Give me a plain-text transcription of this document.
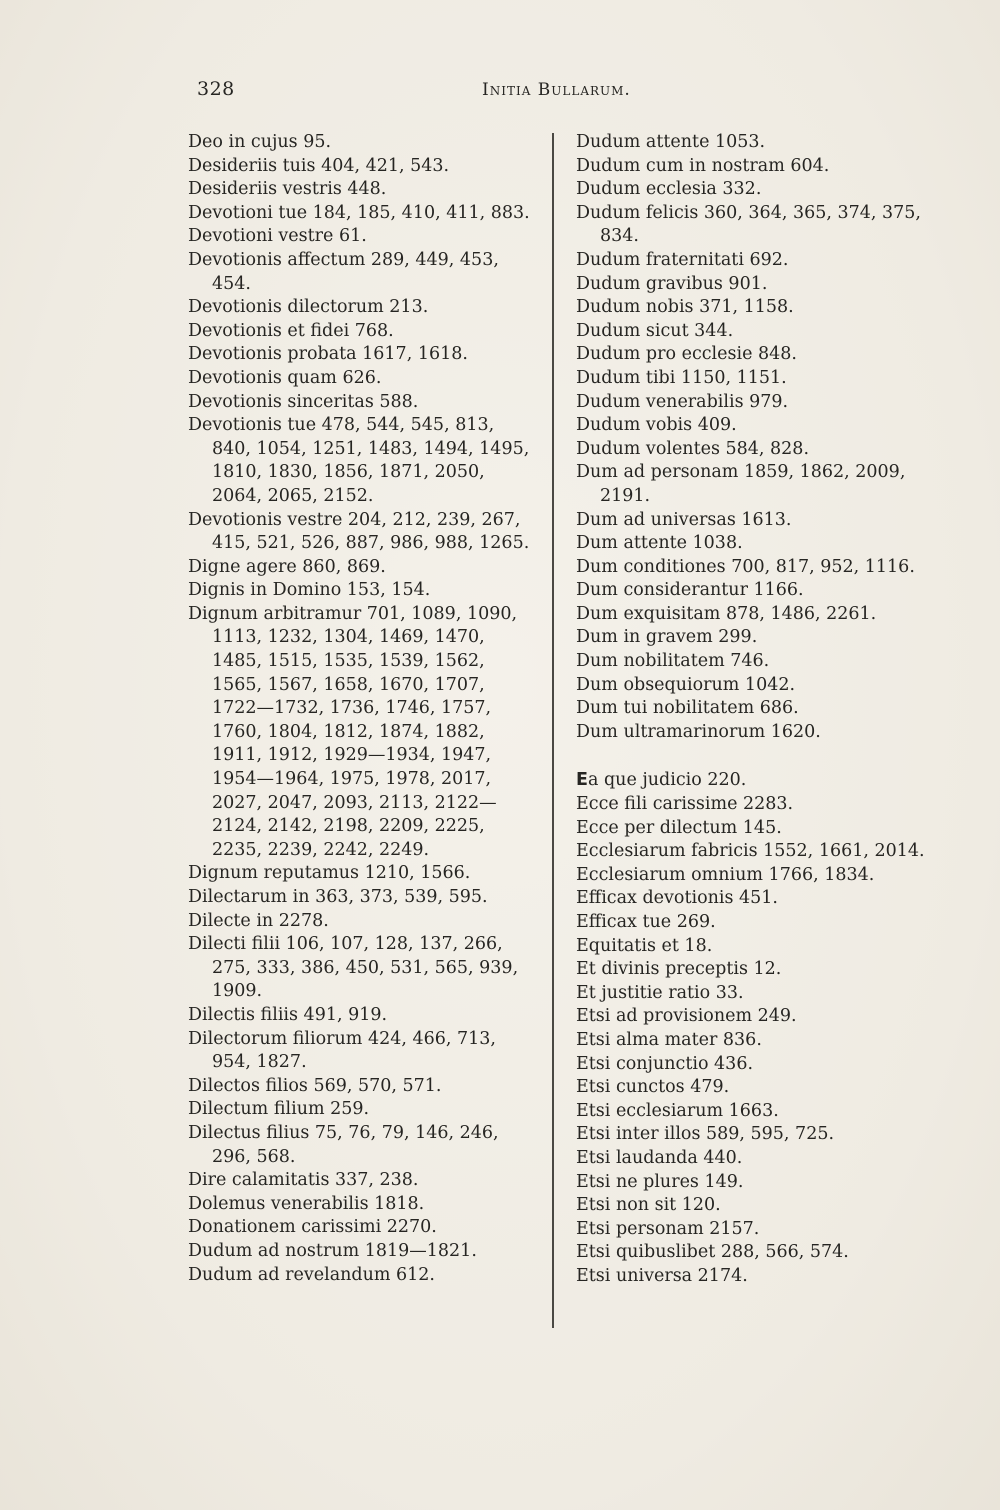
328	Initia Bullarum.
Deo in cujus 95.
Desideriis tuis 404, 421, 543.
Desideriis vestris 448.
Devotioni tue 184, 185, 410, 411, 883.
Devotioni vestre 61.
Devotionis affectum 289, 449, 453, 454.
Devotionis dilectorum 213.
Devotionis et fidei 768.
Devotionis probata 1617, 1618.
Devotionis quam 626.
Devotionis sinceritas 588.
Devotionis tue 478, 544, 545, 813, 840, 1054, 1251, 1483, 1494, 1495, 1810, 1830, 1856, 1871, 2050, 2064, 2065, 2152.
Devotionis vestre 204, 212, 239, 267, 415, 521, 526, 887, 986, 988, 1265.
Digne agere 860, 869.
Dignis in Domino 153, 154.
Dignum arbitramur 701, 1089, 1090, 1113, 1232, 1304, 1469, 1470, 1485, 1515, 1535, 1539, 1562, 1565, 1567, 1658, 1670, 1707, 1722—1732, 1736, 1746, 1757, 1760, 1804, 1812, 1874, 1882, 1911, 1912, 1929—1934, 1947, 1954—1964, 1975, 1978, 2017, 2027, 2047, 2093, 2113, 2122—2124, 2142, 2198, 2209, 2225, 2235, 2239, 2242, 2249.
Dignum reputamus 1210, 1566.
Dilectarum in 363, 373, 539, 595.
Dilecte in 2278.
Dilecti filii 106, 107, 128, 137, 266, 275, 333, 386, 450, 531, 565, 939, 1909.
Dilectis filiis 491, 919.
Dilectorum filiorum 424, 466, 713, 954, 1827.
Dilectos filios 569, 570, 571.
Dilectum filium 259.
Dilectus filius 75, 76, 79, 146, 246, 296, 568.
Dire calamitatis 337, 238.
Dolemus venerabilis 1818.
Donationem carissimi 2270.
Dudum ad nostrum 1819—1821.
Dudum ad revelandum 612.
Dudum attente 1053.
Dudum cum in nostram 604.
Dudum ecclesia 332.
Dudum felicis 360, 364, 365, 374, 375, 834.
Dudum fraternitati 692.
Dudum gravibus 901.
Dudum nobis 371, 1158.
Dudum sicut 344.
Dudum pro ecclesie 848.
Dudum tibi 1150, 1151.
Dudum venerabilis 979.
Dudum vobis 409.
Dudum volentes 584, 828.
Dum ad personam 1859, 1862, 2009, 2191.
Dum ad universas 1613.
Dum attente 1038.
Dum conditiones 700, 817, 952, 1116.
Dum considerantur 1166.
Dum exquisitam 878, 1486, 2261.
Dum in gravem 299.
Dum nobilitatem 746.
Dum obsequiorum 1042.
Dum tui nobilitatem 686.
Dum ultramarinorum 1620.
Ea que judicio 220.
Ecce fili carissime 2283.
Ecce per dilectum 145.
Ecclesiarum fabricis 1552, 1661, 2014.
Ecclesiarum omnium 1766, 1834.
Efficax devotionis 451.
Efficax tue 269.
Equitatis et 18.
Et divinis preceptis 12.
Et justitie ratio 33.
Etsi ad provisionem 249.
Etsi alma mater 836.
Etsi conjunctio 436.
Etsi cunctos 479.
Etsi ecclesiarum 1663.
Etsi inter illos 589, 595, 725.
Etsi laudanda 440.
Etsi ne plures 149.
Etsi non sit 120.
Etsi personam 2157.
Etsi quibuslibet 288, 566, 574.
Etsi universa 2174.
